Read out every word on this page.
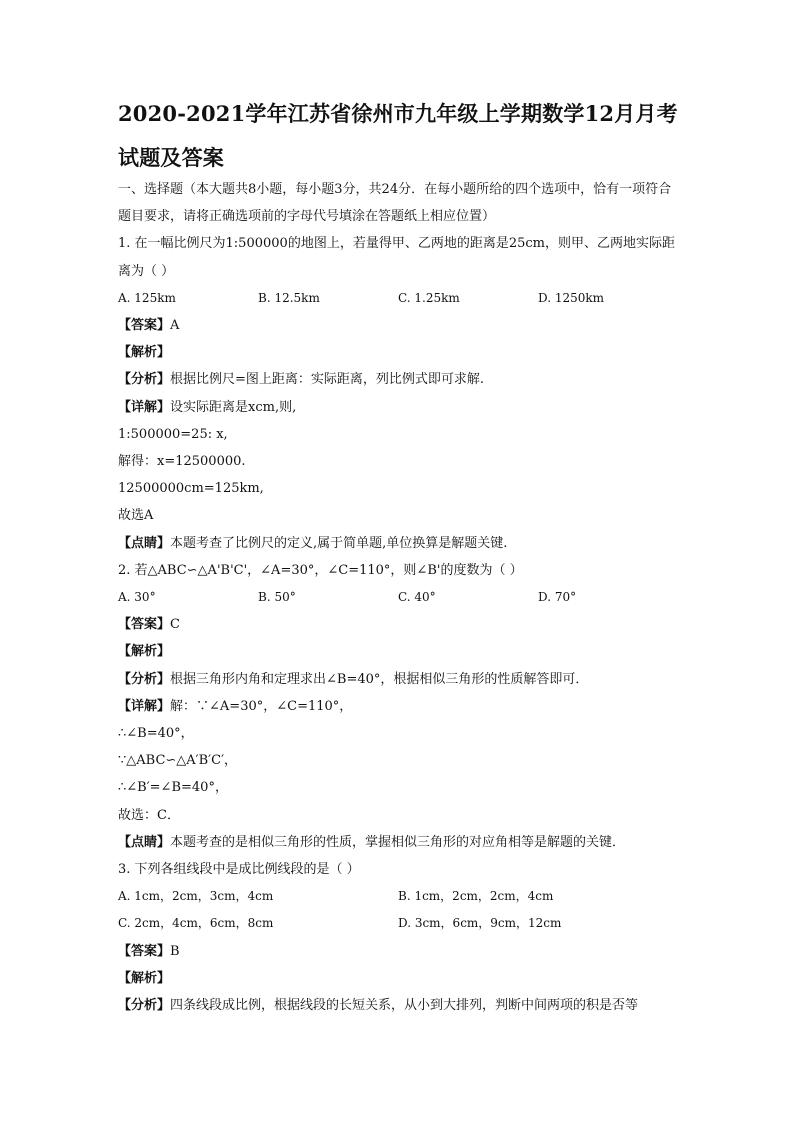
2020-2021学年江苏省徐州市九年级上学期数学12月月考试题及答案
一、选择题（本大题共8小题，每小题3分，共24分．在每小题所给的四个选项中，恰有一项符合题目要求，请将正确选项前的字母代号填涂在答题纸上相应位置）
1. 在一幅比例尺为1:500000的地图上，若量得甲、乙两地的距离是25cm，则甲、乙两地实际距离为（ ）
A. 125km	B. 12.5km	C. 1.25km	D. 1250km
【答案】A
【解析】
【分析】根据比例尺=图上距离：实际距离，列比例式即可求解.
【详解】设实际距离是xcm,则,
1:500000=25: x,
解得：x=12500000.
12500000cm=125km,
故选A
【点睛】本题考查了比例尺的定义,属于简单题,单位换算是解题关键.
2. 若△ABC∽△A'B'C'，∠A=30°，∠C=110°，则∠B'的度数为（ ）
A. 30°	B. 50°	C. 40°	D. 70°
【答案】C
【解析】
【分析】根据三角形内角和定理求出∠B=40°，根据相似三角形的性质解答即可．
【详解】解：∵∠A=30°，∠C=110°，
∴∠B=40°，
∵△ABC∽△A′B′C′，
∴∠B′=∠B=40°，
故选：C．
【点睛】本题考查的是相似三角形的性质，掌握相似三角形的对应角相等是解题的关键．
3. 下列各组线段中是成比例线段的是（ ）
A. 1cm，2cm，3cm，4cm	B. 1cm，2cm，2cm，4cm
C. 2cm，4cm，6cm，8cm	D. 3cm，6cm，9cm，12cm
【答案】B
【解析】
【分析】四条线段成比例，根据线段的长短关系，从小到大排列，判断中间两项的积是否等
